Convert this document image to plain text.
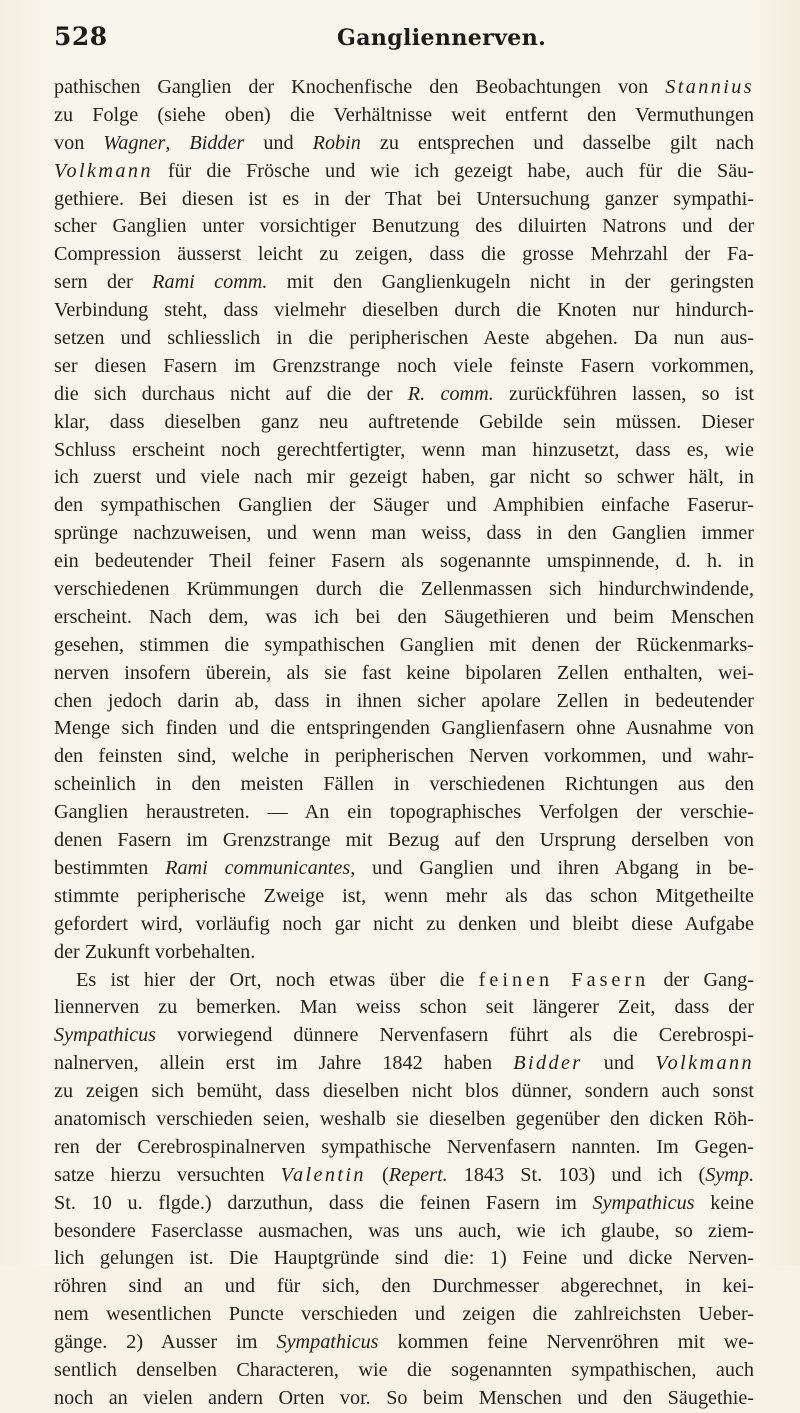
528	Gangliennerven.
pathischen Ganglien der Knochenfische den Beobachtungen von Stannius
zu Folge (siehe oben) die Verhältnisse weit entfernt den Vermuthungen
von Wagner, Bidder und Robin zu entsprechen und dasselbe gilt nach
Volkmann für die Frösche und wie ich gezeigt habe, auch für die Säu-
gethiere. Bei diesen ist es in der That bei Untersuchung ganzer sympathi-
scher Ganglien unter vorsichtiger Benutzung des diluirten Natrons und der
Compression äusserst leicht zu zeigen, dass die grosse Mehrzahl der Fa-
sern der Rami comm. mit den Ganglienkugeln nicht in der geringsten
Verbindung steht, dass vielmehr dieselben durch die Knoten nur hindurch-
setzen und schliesslich in die peripherischen Aeste abgehen. Da nun aus-
ser diesen Fasern im Grenzstrange noch viele feinste Fasern vorkommen,
die sich durchaus nicht auf die der R. comm. zurückführen lassen, so ist
klar, dass dieselben ganz neu auftretende Gebilde sein müssen. Dieser
Schluss erscheint noch gerechtfertigter, wenn man hinzusetzt, dass es, wie
ich zuerst und viele nach mir gezeigt haben, gar nicht so schwer hält, in
den sympathischen Ganglien der Säuger und Amphibien einfache Faserur-
sprünge nachzuweisen, und wenn man weiss, dass in den Ganglien immer
ein bedeutender Theil feiner Fasern als sogenannte umspinnende, d. h. in
verschiedenen Krümmungen durch die Zellenmassen sich hindurchwindende,
erscheint. Nach dem, was ich bei den Säugethieren und beim Menschen
gesehen, stimmen die sympathischen Ganglien mit denen der Rückenmarks-
nerven insofern überein, als sie fast keine bipolaren Zellen enthalten, wei-
chen jedoch darin ab, dass in ihnen sicher apolare Zellen in bedeutender
Menge sich finden und die entspringenden Ganglienfasern ohne Ausnahme von
den feinsten sind, welche in peripherischen Nerven vorkommen, und wahr-
scheinlich in den meisten Fällen in verschiedenen Richtungen aus den
Ganglien heraustreten. — An ein topographisches Verfolgen der verschie-
denen Fasern im Grenzstrange mit Bezug auf den Ursprung derselben von
bestimmten Rami communicantes, und Ganglien und ihren Abgang in be-
stimmte peripherische Zweige ist, wenn mehr als das schon Mitgetheilte
gefordert wird, vorläufig noch gar nicht zu denken und bleibt diese Aufgabe
der Zukunft vorbehalten.
Es ist hier der Ort, noch etwas über die feinen Fasern der Gang-
liennerven zu bemerken. Man weiss schon seit längerer Zeit, dass der
Sympathicus vorwiegend dünnere Nervenfasern führt als die Cerebrospi-
nalnerven, allein erst im Jahre 1842 haben Bidder und Volkmann
zu zeigen sich bemüht, dass dieselben nicht blos dünner, sondern auch sonst
anatomisch verschieden seien, weshalb sie dieselben gegenüber den dicken Röh-
ren der Cerebrospinalnerven sympathische Nervenfasern nannten. Im Gegen-
satze hierzu versuchten Valentin (Repert. 1843 St. 103) und ich (Symp.
St. 10 u. flgde.) darzuthun, dass die feinen Fasern im Sympathicus keine
besondere Faserclasse ausmachen, was uns auch, wie ich glaube, so ziem-
lich gelungen ist. Die Hauptgründe sind die: 1) Feine und dicke Nerven-
röhren sind an und für sich, den Durchmesser abgerechnet, in kei-
nem wesentlichen Puncte verschieden und zeigen die zahlreichsten Ueber-
gänge. 2) Ausser im Sympathicus kommen feine Nervenröhren mit we-
sentlich denselben Characteren, wie die sogenannten sympathischen, auch
noch an vielen andern Orten vor. So beim Menschen und den Säugethie-
